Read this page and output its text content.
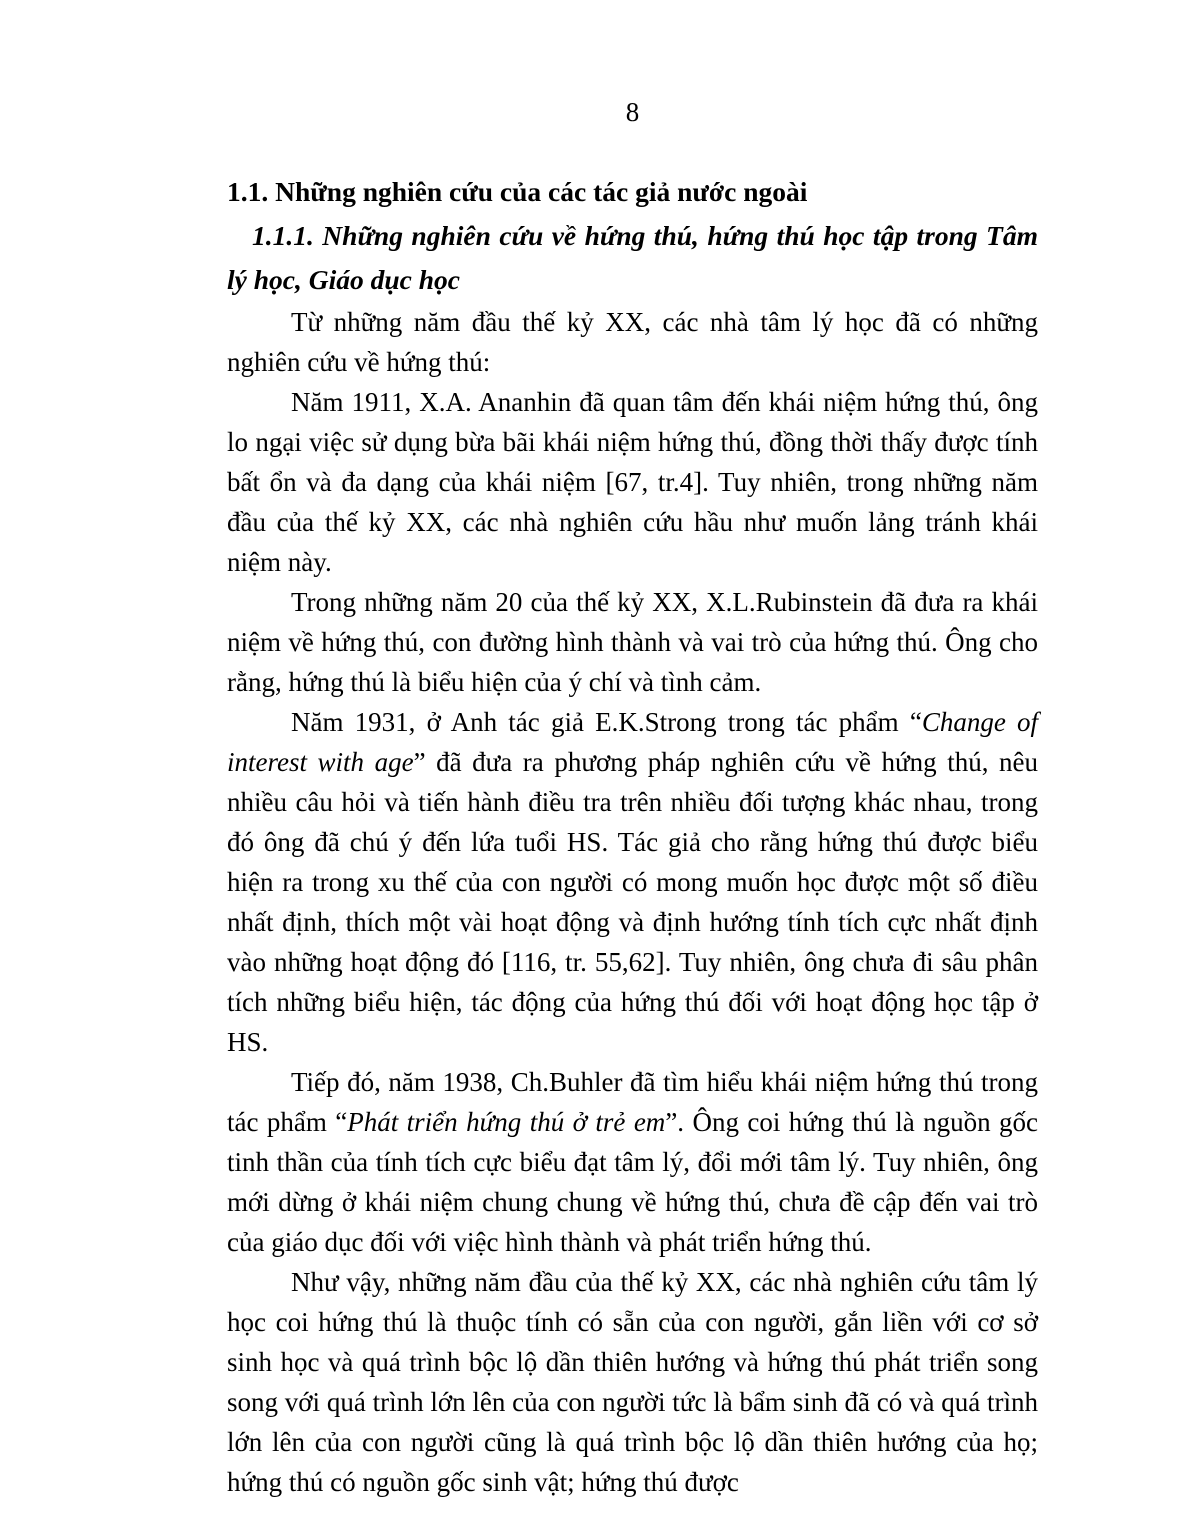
8
1.1. Những nghiên cứu của các tác giả nước ngoài
1.1.1. Những nghiên cứu về hứng thú, hứng thú học tập trong Tâm lý học, Giáo dục học

Từ những năm đầu thế kỷ XX, các nhà tâm lý học đã có những nghiên cứu về hứng thú:

Năm 1911, X.A. Ananhin đã quan tâm đến khái niệm hứng thú, ông lo ngại việc sử dụng bừa bãi khái niệm hứng thú, đồng thời thấy được tính bất ổn và đa dạng của khái niệm [67, tr.4]. Tuy nhiên, trong những năm đầu của thế kỷ XX, các nhà nghiên cứu hầu như muốn lảng tránh khái niệm này.

Trong những năm 20 của thế kỷ XX, X.L.Rubinstein đã đưa ra khái niệm về hứng thú, con đường hình thành và vai trò của hứng thú. Ông cho rằng, hứng thú là biểu hiện của ý chí và tình cảm.

Năm 1931, ở Anh tác giả E.K.Strong trong tác phẩm “Change of interest with age” đã đưa ra phương pháp nghiên cứu về hứng thú, nêu nhiều câu hỏi và tiến hành điều tra trên nhiều đối tượng khác nhau, trong đó ông đã chú ý đến lứa tuổi HS. Tác giả cho rằng hứng thú được biểu hiện ra trong xu thế của con người có mong muốn học được một số điều nhất định, thích một vài hoạt động và định hướng tính tích cực nhất định vào những hoạt động đó [116, tr. 55,62]. Tuy nhiên, ông chưa đi sâu phân tích những biểu hiện, tác động của hứng thú đối với hoạt động học tập ở HS.

Tiếp đó, năm 1938, Ch.Buhler đã tìm hiểu khái niệm hứng thú trong tác phẩm “Phát triển hứng thú ở trẻ em”. Ông coi hứng thú là nguồn gốc tinh thần của tính tích cực biểu đạt tâm lý, đổi mới tâm lý. Tuy nhiên, ông mới dừng ở khái niệm chung chung về hứng thú, chưa đề cập đến vai trò của giáo dục đối với việc hình thành và phát triển hứng thú.

Như vậy, những năm đầu của thế kỷ XX, các nhà nghiên cứu tâm lý học coi hứng thú là thuộc tính có sẵn của con người, gắn liền với cơ sở sinh học và quá trình bộc lộ dần thiên hướng và hứng thú phát triển song song với quá trình lớn lên của con người tức là bẩm sinh đã có và quá trình lớn lên của con người cũng là quá trình bộc lộ dần thiên hướng của họ; hứng thú có nguồn gốc sinh vật; hứng thú được
